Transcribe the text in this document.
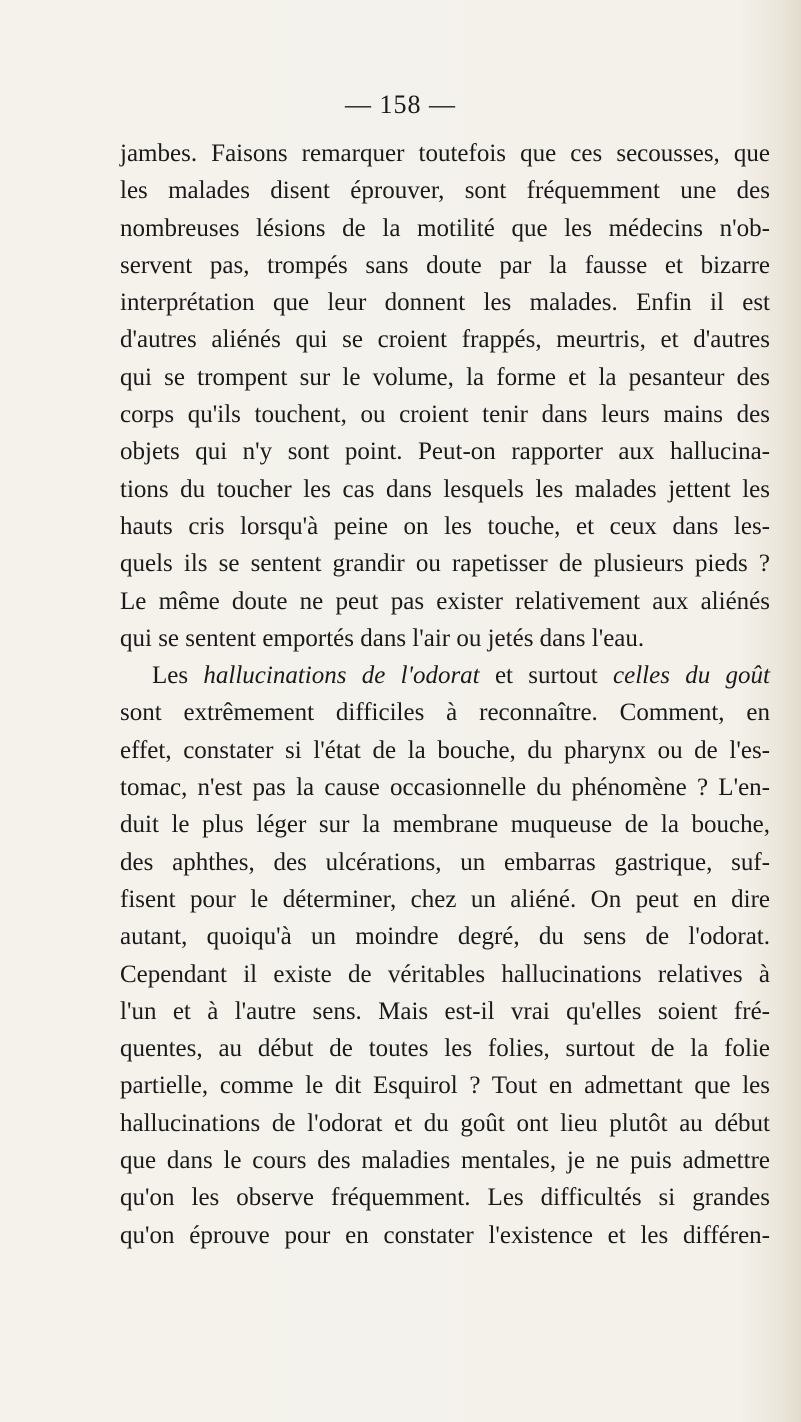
— 158 —
jambes. Faisons remarquer toutefois que ces secousses, que
les malades disent éprouver, sont fréquemment une des
nombreuses lésions de la motilité que les médecins n'ob-
servent pas, trompés sans doute par la fausse et bizarre
interprétation que leur donnent les malades. Enfin il est
d'autres aliénés qui se croient frappés, meurtris, et d'autres
qui se trompent sur le volume, la forme et la pesanteur des
corps qu'ils touchent, ou croient tenir dans leurs mains des
objets qui n'y sont point. Peut-on rapporter aux hallucina-
tions du toucher les cas dans lesquels les malades jettent les
hauts cris lorsqu'à peine on les touche, et ceux dans les-
quels ils se sentent grandir ou rapetisser de plusieurs pieds ?
Le même doute ne peut pas exister relativement aux aliénés
qui se sentent emportés dans l'air ou jetés dans l'eau.
Les hallucinations de l'odorat et surtout celles du goût
sont extrêmement difficiles à reconnaître. Comment, en
effet, constater si l'état de la bouche, du pharynx ou de l'es-
tomac, n'est pas la cause occasionnelle du phénomène ? L'en-
duit le plus léger sur la membrane muqueuse de la bouche,
des aphthes, des ulcérations, un embarras gastrique, suf-
fisent pour le déterminer, chez un aliéné. On peut en dire
autant, quoiqu'à un moindre degré, du sens de l'odorat.
Cependant il existe de véritables hallucinations relatives à
l'un et à l'autre sens. Mais est-il vrai qu'elles soient fré-
quentes, au début de toutes les folies, surtout de la folie
partielle, comme le dit Esquirol ? Tout en admettant que les
hallucinations de l'odorat et du goût ont lieu plutôt au début
que dans le cours des maladies mentales, je ne puis admettre
qu'on les observe fréquemment. Les difficultés si grandes
qu'on éprouve pour en constater l'existence et les différen-
